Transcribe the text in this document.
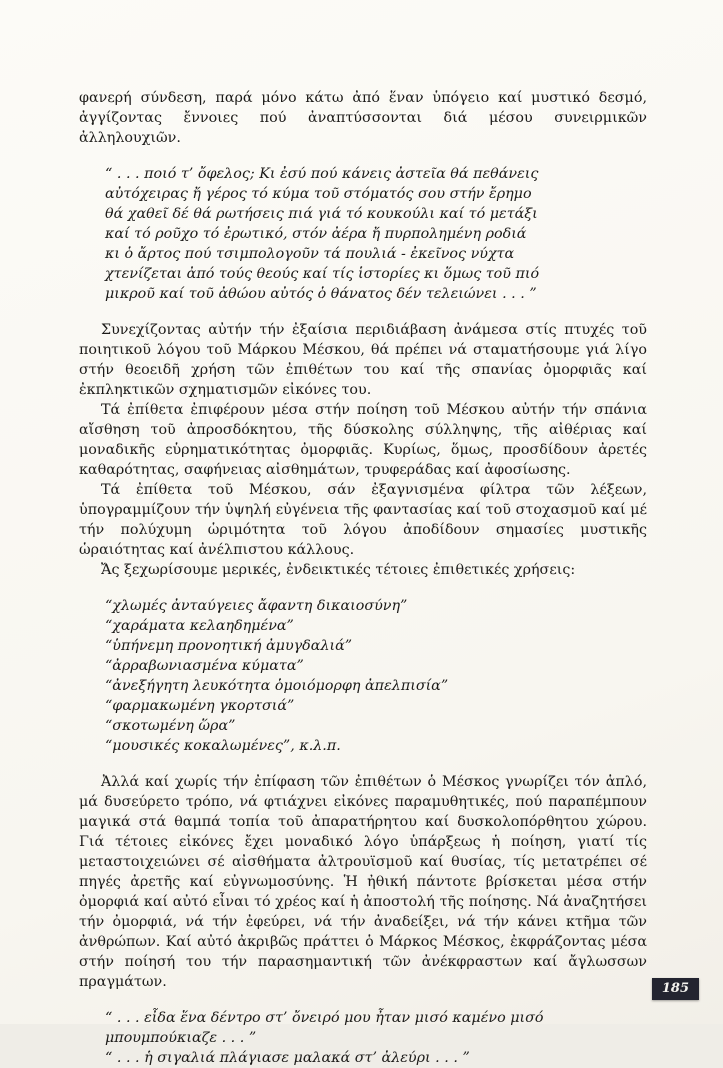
φανερή σύνδεση, παρά μόνο κάτω ἀπό ἕναν ὑπόγειο καί μυστικό δεσμό, ἀγγίζοντας ἔννοιες πού ἀναπτύσσονται διά μέσου συνειρμικῶν ἀλληλουχιῶν.

“ . . . ποιό τ’ ὄφελος; Κι ἐσύ πού κάνεις ἀστεῖα θά πεθάνεις
αὐτόχειρας ἤ γέρος τό κύμα τοῦ στόματός σου στήν ἔρημο
θά χαθεῖ δέ θά ρωτήσεις πιά γιά τό κουκούλι καί τό μετάξι
καί τό ροῦχο τό ἐρωτικό, στόν ἀέρα ἤ πυρπολημένη ροδιά
κι ὁ ἄρτος πού τσιμπολογοῦν τά πουλιά - ἐκεῖνος νύχτα
χτενίζεται ἀπό τούς θεούς καί τίς ἱστορίες κι ὅμως τοῦ πιό
μικροῦ καί τοῦ ἀθώου αὐτός ὁ θάνατος δέν τελειώνει . . . ”

Συνεχίζοντας αὐτήν τήν ἐξαίσια περιδιάβαση ἀνάμεσα στίς πτυχές τοῦ ποιητικοῦ λόγου τοῦ Μάρκου Μέσκου, θά πρέπει νά σταματήσουμε γιά λίγο στήν θεοειδῆ χρήση τῶν ἐπιθέτων του καί τῆς σπανίας ὀμορφιᾶς καί ἐκπληκτικῶν σχηματισμῶν εἰκόνες του.

Τά ἐπίθετα ἐπιφέρουν μέσα στήν ποίηση τοῦ Μέσκου αὐτήν τήν σπάνια αἴσθηση τοῦ ἀπροσδόκητου, τῆς δύσκολης σύλληψης, τῆς αἰθέριας καί μοναδικῆς εὑρηματικότητας ὀμορφιᾶς. Κυρίως, ὅμως, προσδίδουν ἀρετές καθαρότητας, σαφήνειας αἰσθημάτων, τρυφεράδας καί ἀφοσίωσης.

Τά ἐπίθετα τοῦ Μέσκου, σάν ἐξαγνισμένα φίλτρα τῶν λέξεων, ὑπογραμμίζουν τήν ὑψηλή εὐγένεια τῆς φαντασίας καί τοῦ στοχασμοῦ καί μέ τήν πολύχυμη ὡριμότητα τοῦ λόγου ἀποδίδουν σημασίες μυστικῆς ὡραιότητας καί ἀνέλπιστου κάλλους.

Ἄς ξεχωρίσουμε μερικές, ἐνδεικτικές τέτοιες ἐπιθετικές χρήσεις:

“χλωμές ἀνταύγειες ἄφαντη δικαιοσύνη”
“χαράματα κελαηδημένα”
“ὑπήνεμη προνοητική ἀμυγδαλιά”
“ἀρραβωνιασμένα κύματα”
“ἀνεξήγητη λευκότητα ὁμοιόμορφη ἀπελπισία”
“φαρμακωμένη γκορτσιά”
“σκοτωμένη ὥρα”
“μουσικές κοκαλωμένες”, κ.λ.π.

Ἀλλά καί χωρίς τήν ἐπίφαση τῶν ἐπιθέτων ὁ Μέσκος γνωρίζει τόν ἁπλό, μά δυσεύρετο τρόπο, νά φτιάχνει εἰκόνες παραμυθητικές, πού παραπέμπουν μαγικά στά θαμπά τοπία τοῦ ἀπαρατήρητου καί δυσκολοπόρθητου χώρου. Γιά τέτοιες εἰκόνες ἔχει μοναδικό λόγο ὑπάρξεως ἡ ποίηση, γιατί τίς μεταστοιχειώνει σέ αἰσθήματα ἀλτρουϊσμοῦ καί θυσίας, τίς μετατρέπει σέ πηγές ἀρετῆς καί εὐγνωμοσύνης. Ἡ ἠθική πάντοτε βρίσκεται μέσα στήν ὀμορφιά καί αὐτό εἶναι τό χρέος καί ἡ ἀποστολή τῆς ποίησης. Νά ἀναζητήσει τήν ὀμορφιά, νά τήν ἐφεύρει, νά τήν ἀναδείξει, νά τήν κάνει κτῆμα τῶν ἀνθρώπων. Καί αὐτό ἀκριβῶς πράττει ὁ Μάρκος Μέσκος, ἐκφράζοντας μέσα στήν ποίησή του τήν παρασημαντική τῶν ἀνέκφραστων καί ἄγλωσσων πραγμάτων.

“ . . . εἶδα ἕνα δέντρο στ’ ὄνειρό μου ἦταν μισό καμένο μισό μπουμπούκιαζε . . . ”
“ . . . ἡ σιγαλιά πλάγιασε μαλακά στ’ ἀλεύρι . . . ”
185
